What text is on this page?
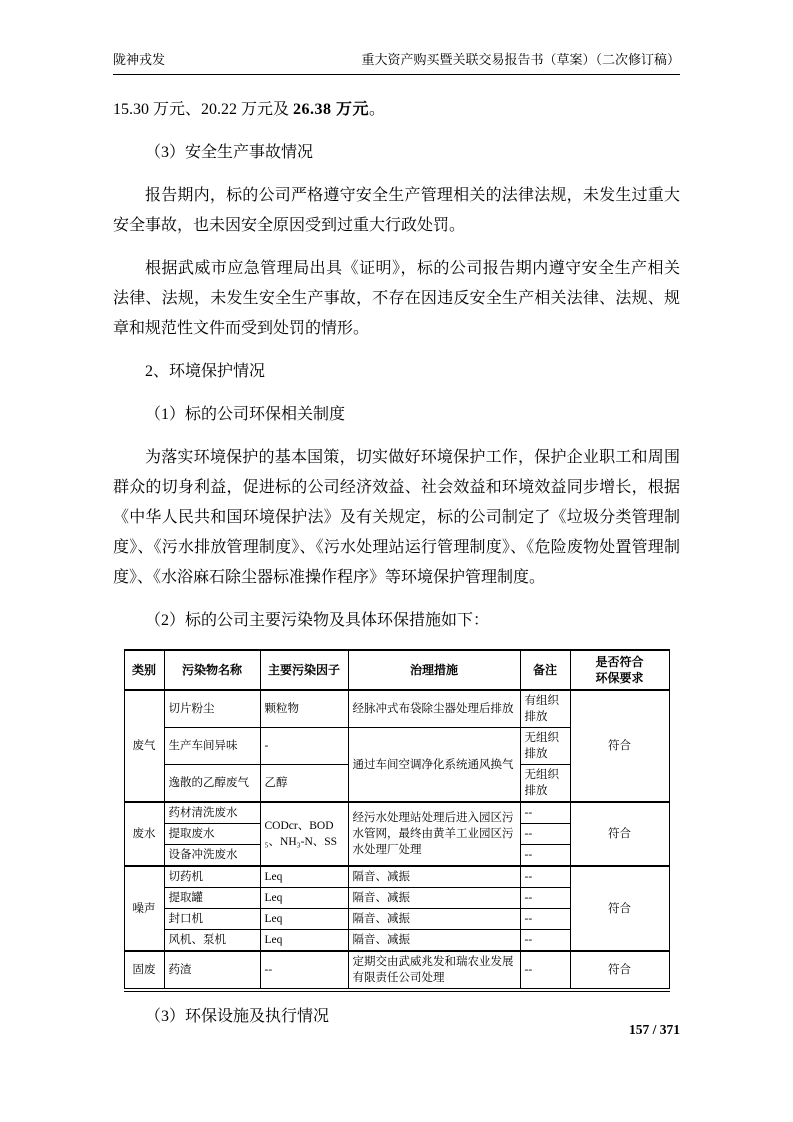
陇神戎发	重大资产购买暨关联交易报告书（草案）（二次修订稿）

15.30 万元、20.22 万元及 26.38 万元。

（3）安全生产事故情况

报告期内，标的公司严格遵守安全生产管理相关的法律法规，未发生过重大安全事故，也未因安全原因受到过重大行政处罚。

根据武威市应急管理局出具《证明》，标的公司报告期内遵守安全生产相关法律、法规，未发生安全生产事故，不存在因违反安全生产相关法律、法规、规章和规范性文件而受到处罚的情形。

2、环境保护情况

（1）标的公司环保相关制度

为落实环境保护的基本国策，切实做好环境保护工作，保护企业职工和周围群众的切身利益，促进标的公司经济效益、社会效益和环境效益同步增长，根据《中华人民共和国环境保护法》及有关规定，标的公司制定了《垃圾分类管理制度》、《污水排放管理制度》、《污水处理站运行管理制度》、《危险废物处置管理制度》、《水浴麻石除尘器标准操作程序》等环境保护管理制度。

（2）标的公司主要污染物及具体环保措施如下：

类别	污染物名称	主要污染因子	治理措施	备注	是否符合环保要求
废气	切片粉尘	颗粒物	经脉冲式布袋除尘器处理后排放	有组织排放	符合
	生产车间异味	-	通过车间空调净化系统通风换气	无组织排放	
	逸散的乙醇废气	乙醇		无组织排放	
废水	药材清洗废水	CODcr、BOD₅、NH₃-N、SS	经污水处理站处理后进入园区污水管网，最终由黄羊工业园区污水处理厂处理	--	符合
	提取废水			--	
	设备冲洗废水			--	
噪声	切药机	Leq	隔音、减振	--	符合
	提取罐	Leq	隔音、减振	--	
	封口机	Leq	隔音、减振	--	
	风机、泵机	Leq	隔音、减振	--	
固废	药渣	--	定期交由武威兆发和瑞农业发展有限责任公司处理	--	符合

（3）环保设施及执行情况

157 / 371
